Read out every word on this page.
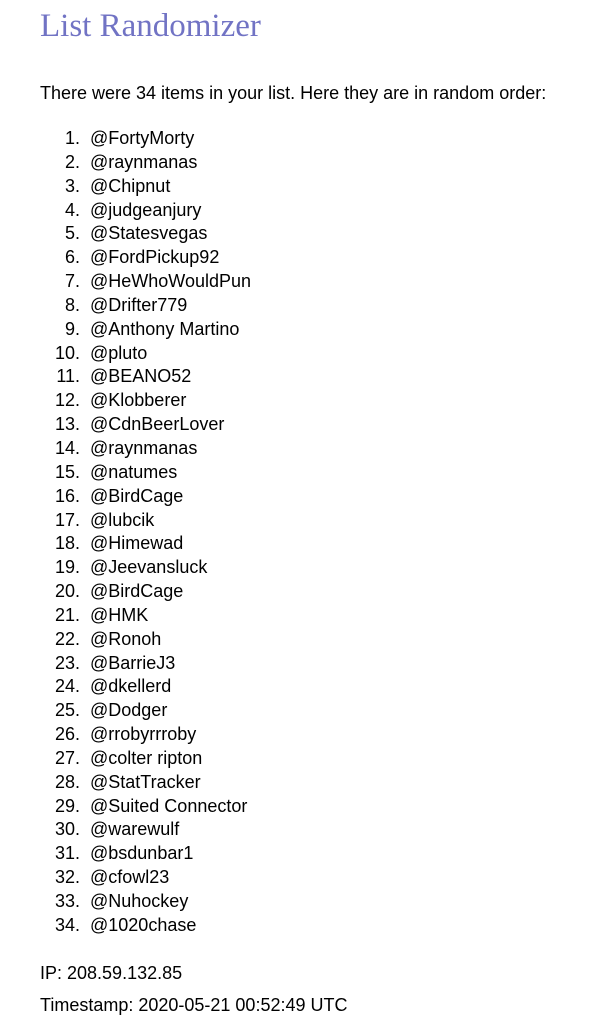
List Randomizer

There were 34 items in your list. Here they are in random order:

1. @FortyMorty
2. @raynmanas
3. @Chipnut
4. @judgeanjury
5. @Statesvegas
6. @FordPickup92
7. @HeWhoWouldPun
8. @Drifter779
9. @Anthony Martino
10. @pluto
11. @BEANO52
12. @Klobberer
13. @CdnBeerLover
14. @raynmanas
15. @natumes
16. @BirdCage
17. @lubcik
18. @Himewad
19. @Jeevansluck
20. @BirdCage
21. @HMK
22. @Ronoh
23. @BarrieJ3
24. @dkellerd
25. @Dodger
26. @rrobyrrroby
27. @colter ripton
28. @StatTracker
29. @Suited Connector
30. @warewulf
31. @bsdunbar1
32. @cfowl23
33. @Nuhockey
34. @1020chase

IP: 208.59.132.85

Timestamp: 2020-05-21 00:52:49 UTC
